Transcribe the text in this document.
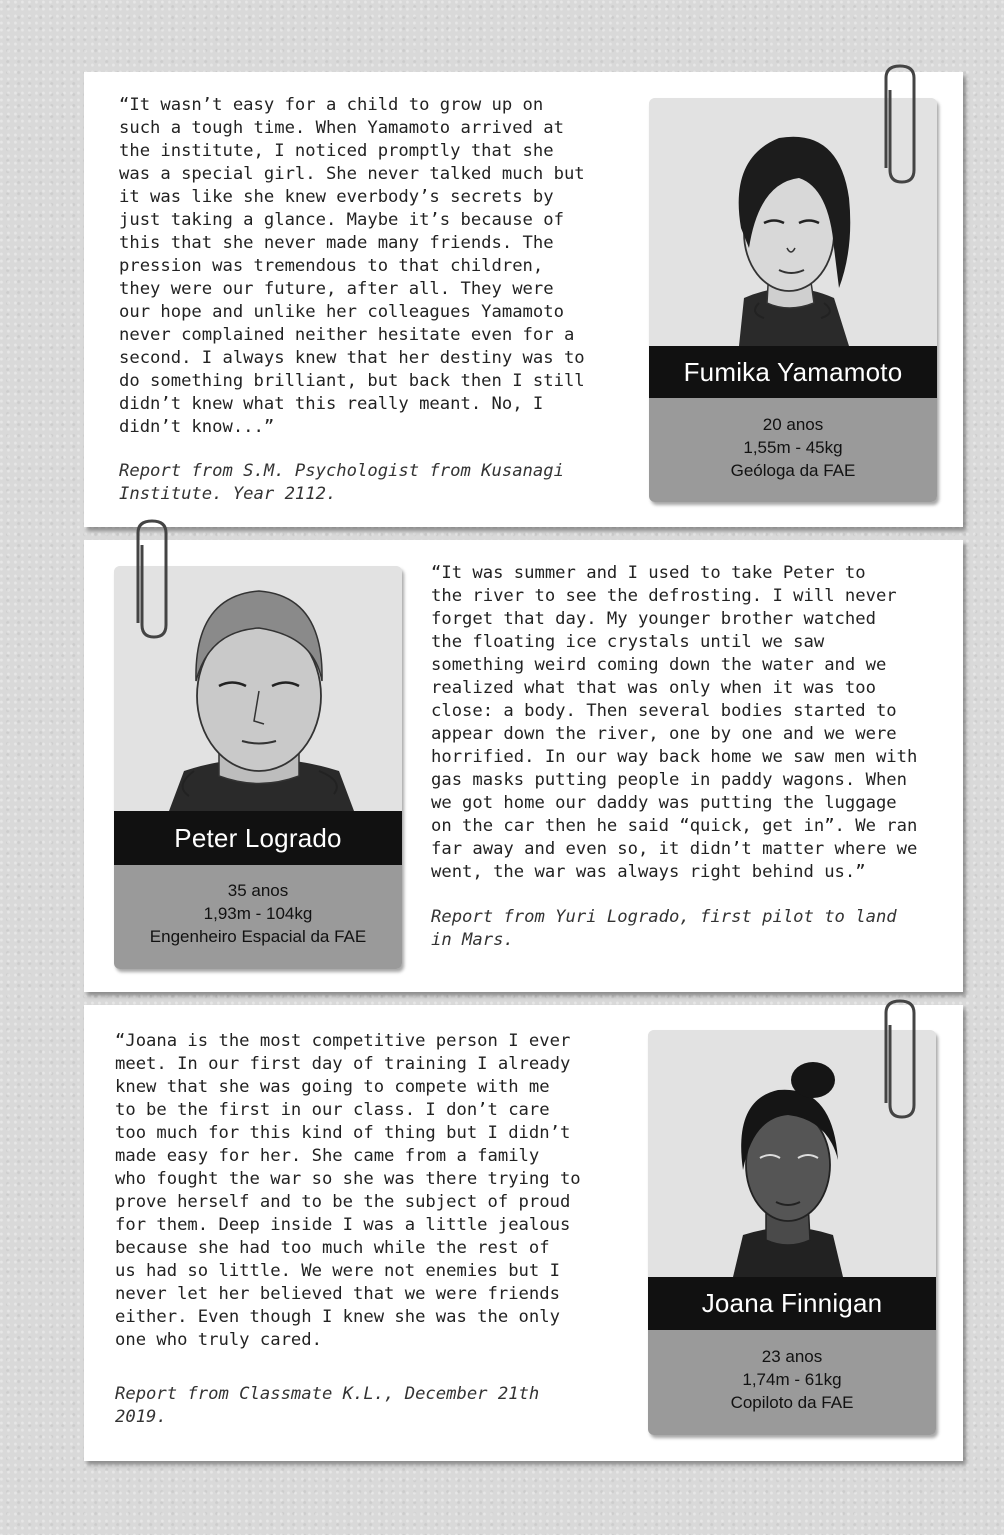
“It wasn’t easy for a child to grow up on
such a tough time. When Yamamoto arrived at
the institute, I noticed promptly that she
was a special girl. She never talked much but
it was like she knew everbody’s secrets by
just taking a glance. Maybe it’s because of
this that she never made many friends. The
pression was tremendous to that children,
they were our future, after all. They were
our hope and unlike her colleagues Yamamoto
never complained neither hesitate even for a
second. I always knew that her destiny was to
do something brilliant, but back then I still
didn’t knew what this really meant. No, I
didn’t know...”
Report from S.M. Psychologist from Kusanagi
Institute. Year 2112.
Fumika Yamamoto
20 anos
1,55m - 45kg
Geóloga da FAE
Peter Logrado
35 anos
1,93m - 104kg
Engenheiro Espacial da FAE
“It was summer and I used to take Peter to
the river to see the defrosting. I will never
forget that day. My younger brother watched
the floating ice crystals until we saw
something weird coming down the water and we
realized what that was only when it was too
close: a body. Then several bodies started to
appear down the river, one by one and we were
horrified. In our way back home we saw men with
gas masks putting people in paddy wagons. When
we got home our daddy was putting the luggage
on the car then he said “quick, get in”. We ran
far away and even so, it didn’t matter where we
went, the war was always right behind us.”
Report from Yuri Logrado, first pilot to land
in Mars.
“Joana is the most competitive person I ever
meet. In our first day of training I already
knew that she was going to compete with me
to be the first in our class. I don’t care
too much for this kind of thing but I didn’t
made easy for her. She came from a family
who fought the war so she was there trying to
prove herself and to be the subject of proud
for them. Deep inside I was a little jealous
because she had too much while the rest of
us had so little. We were not enemies but I
never let her believed that we were friends
either. Even though I knew she was the only
one who truly cared.
Report from Classmate K.L., December 21th
2019.
Joana Finnigan
23 anos
1,74m - 61kg
Copiloto da FAE
